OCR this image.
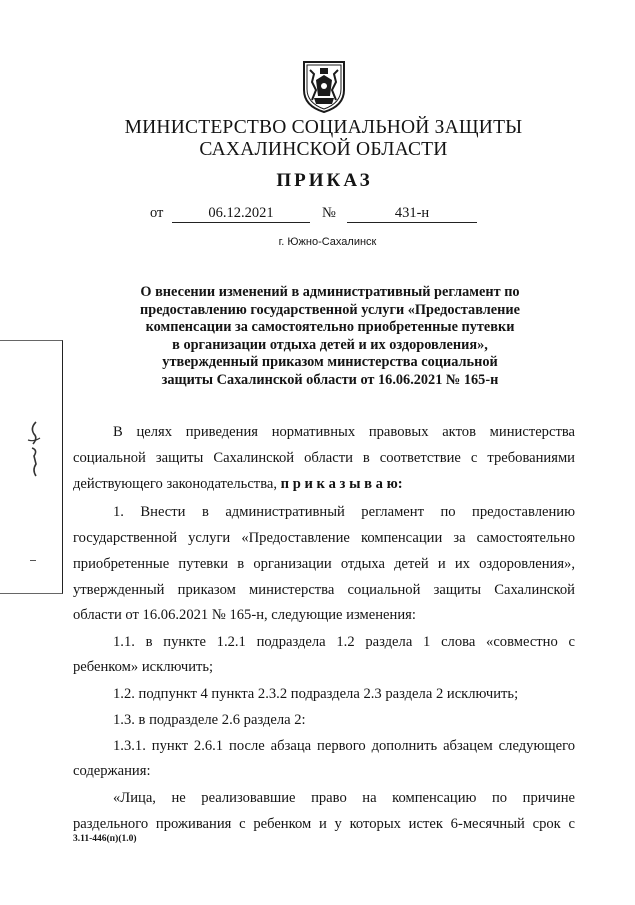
МИНИСТЕРСТВО СОЦИАЛЬНОЙ ЗАЩИТЫ
САХАЛИНСКОЙ ОБЛАСТИ
ПРИКАЗ
от	06.12.2021	№	431-н
г. Южно-Сахалинск
О внесении изменений в административный регламент по
предоставлению государственной услуги «Предоставление
компенсации за самостоятельно приобретенные путевки
в организации отдыха детей и их оздоровления»,
утвержденный приказом министерства социальной
защиты Сахалинской области от 16.06.2021 № 165-н
В целях приведения нормативных правовых актов министерства
социальной защиты Сахалинской области в соответствие с требованиями
действующего законодательства, п р и к а з ы в а ю:
1. Внести в административный регламент по предоставлению
государственной услуги «Предоставление компенсации за самостоятельно
приобретенные путевки в организации отдыха детей и их оздоровления»,
утвержденный приказом министерства социальной защиты Сахалинской
области от 16.06.2021 № 165-н, следующие изменения:
1.1. в пункте 1.2.1 подраздела 1.2 раздела 1 слова «совместно с
ребенком» исключить;
1.2. подпункт 4 пункта 2.3.2 подраздела 2.3 раздела 2 исключить;
1.3. в подразделе 2.6 раздела 2:
1.3.1. пункт 2.6.1 после абзаца первого дополнить абзацем следующего
содержания:
«Лица, не реализовавшие право на компенсацию по причине
раздельного проживания с ребенком и у которых истек 6-месячный срок с
3.11-446(п)(1.0)
